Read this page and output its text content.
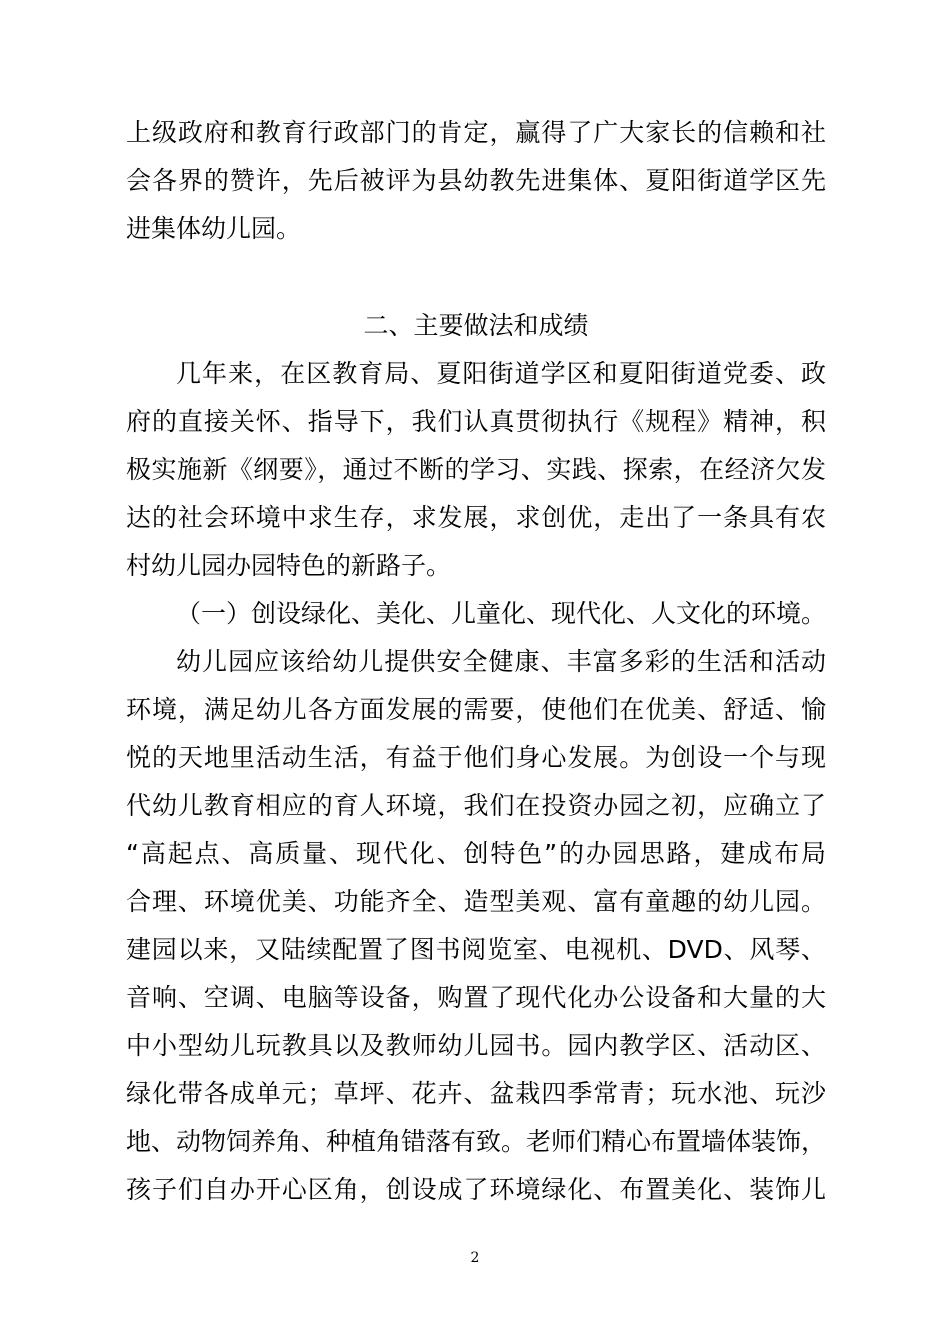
上级政府和教育行政部门的肯定，赢得了广大家长的信赖和社
会各界的赞许，先后被评为县幼教先进集体、夏阳街道学区先
进集体幼儿园。
二、主要做法和成绩
几年来，在区教育局、夏阳街道学区和夏阳街道党委、政
府的直接关怀、指导下，我们认真贯彻执行《规程》精神，积
极实施新《纲要》，通过不断的学习、实践、探索，在经济欠发
达的社会环境中求生存，求发展，求创优，走出了一条具有农
村幼儿园办园特色的新路子。
（一）创设绿化、美化、儿童化、现代化、人文化的环境。
幼儿园应该给幼儿提供安全健康、丰富多彩的生活和活动
环境，满足幼儿各方面发展的需要，使他们在优美、舒适、愉
悦的天地里活动生活，有益于他们身心发展。为创设一个与现
代幼儿教育相应的育人环境，我们在投资办园之初，应确立了
“高起点、高质量、现代化、创特色”的办园思路，建成布局
合理、环境优美、功能齐全、造型美观、富有童趣的幼儿园。
建园以来，又陆续配置了图书阅览室、电视机、DVD、风琴、
音响、空调、电脑等设备，购置了现代化办公设备和大量的大
中小型幼儿玩教具以及教师幼儿园书。园内教学区、活动区、
绿化带各成单元；草坪、花卉、盆栽四季常青；玩水池、玩沙
地、动物饲养角、种植角错落有致。老师们精心布置墙体装饰，
孩子们自办开心区角，创设成了环境绿化、布置美化、装饰儿
2
